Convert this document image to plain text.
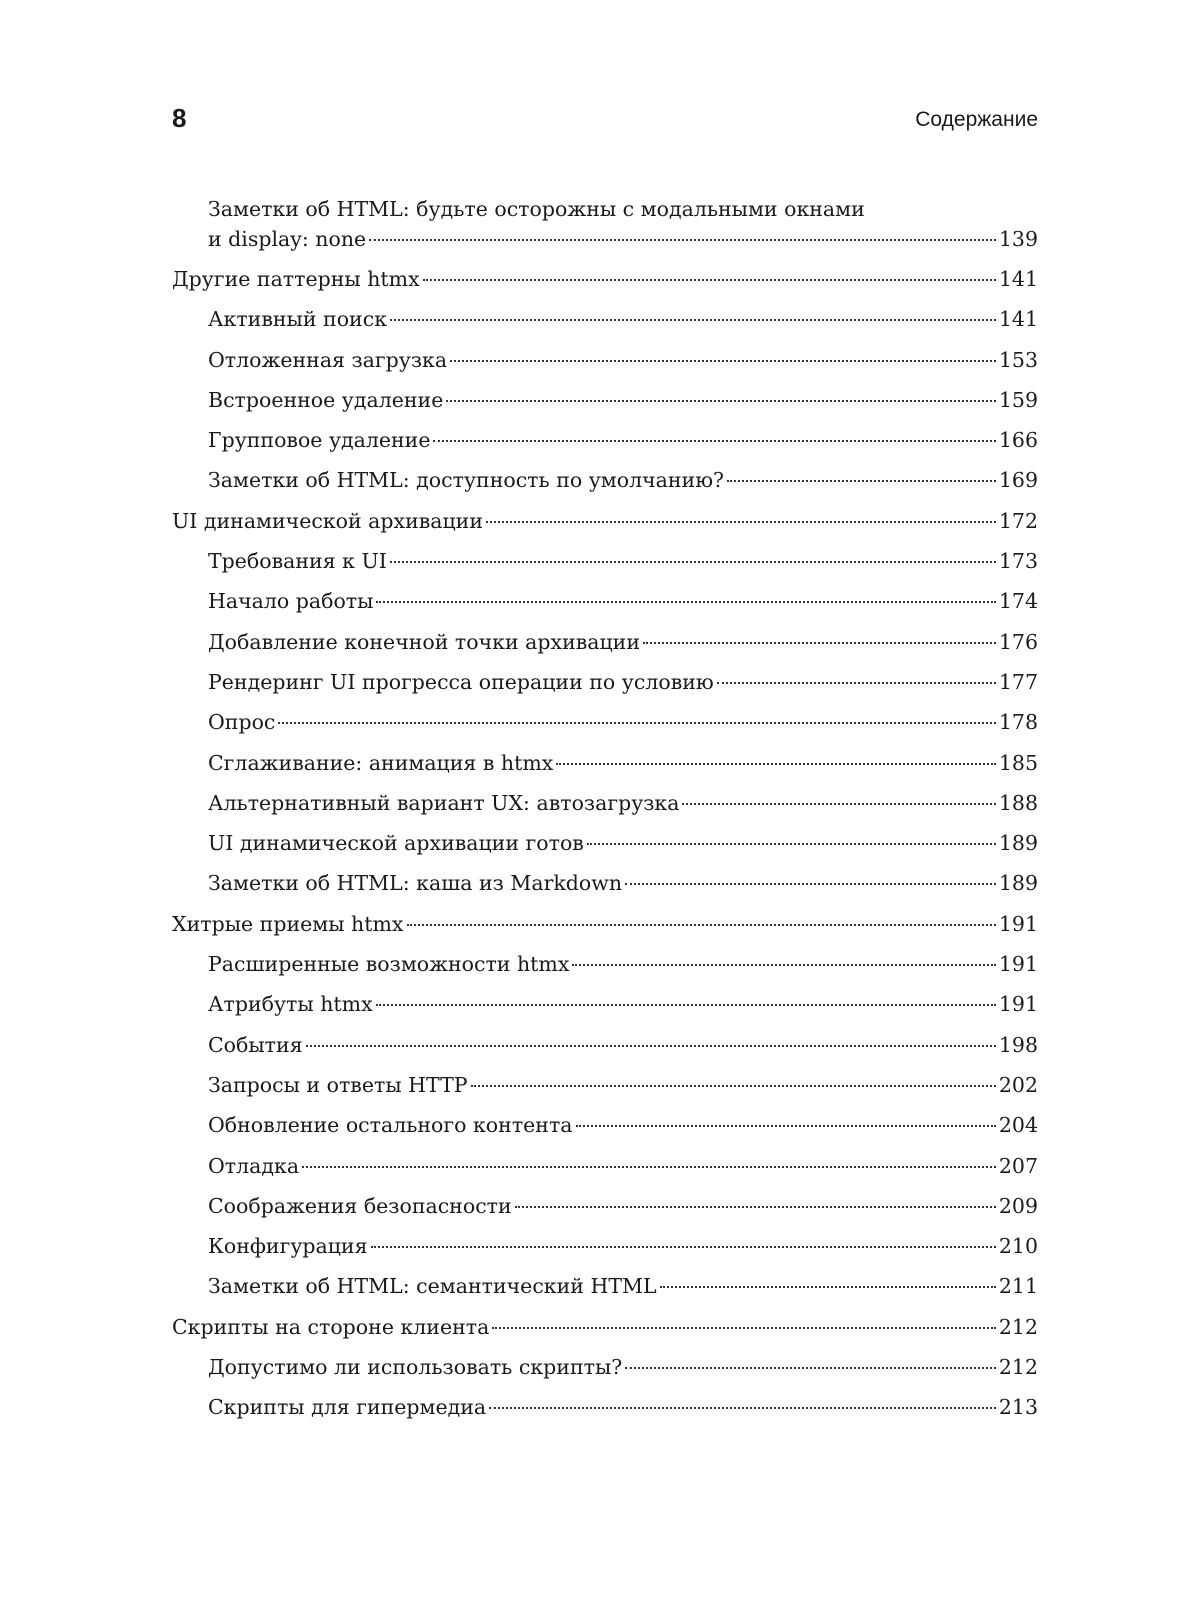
8	Содержание
Заметки об HTML: будьте осторожны с модальными окнами
и display: none	139
Другие паттерны htmx	141
Активный поиск	141
Отложенная загрузка	153
Встроенное удаление	159
Групповое удаление	166
Заметки об HTML: доступность по умолчанию?	169
UI динамической архивации	172
Требования к UI	173
Начало работы	174
Добавление конечной точки архивации	176
Рендеринг UI прогресса операции по условию	177
Опрос	178
Сглаживание: анимация в htmx	185
Альтернативный вариант UX: автозагрузка	188
UI динамической архивации готов	189
Заметки об HTML: каша из Markdown	189
Хитрые приемы htmx	191
Расширенные возможности htmx	191
Атрибуты htmx	191
События	198
Запросы и ответы HTTP	202
Обновление остального контента	204
Отладка	207
Соображения безопасности	209
Конфигурация	210
Заметки об HTML: семантический HTML	211
Скрипты на стороне клиента	212
Допустимо ли использовать скрипты?	212
Скрипты для гипермедиа	213
